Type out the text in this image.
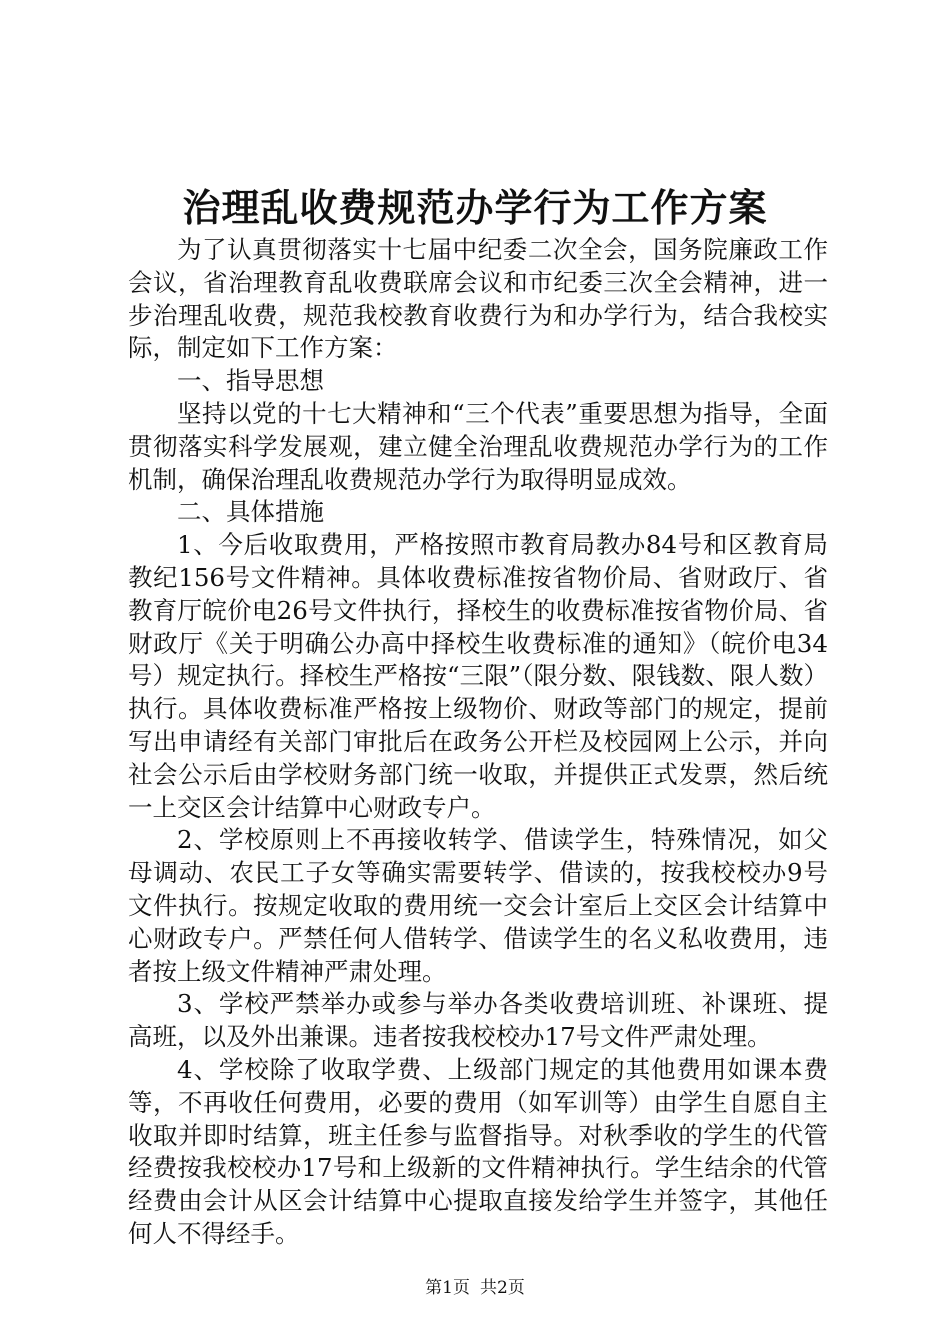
治理乱收费规范办学行为工作方案

为了认真贯彻落实十七届中纪委二次全会，国务院廉政工作会议，省治理教育乱收费联席会议和市纪委三次全会精神，进一步治理乱收费，规范我校教育收费行为和办学行为，结合我校实际，制定如下工作方案：

一、指导思想

坚持以党的十七大精神和“三个代表”重要思想为指导，全面贯彻落实科学发展观，建立健全治理乱收费规范办学行为的工作机制，确保治理乱收费规范办学行为取得明显成效。

二、具体措施

1、今后收取费用，严格按照市教育局教办84号和区教育局教纪156号文件精神。具体收费标准按省物价局、省财政厅、省教育厅皖价电26号文件执行，择校生的收费标准按省物价局、省财政厅《关于明确公办高中择校生收费标准的通知》（皖价电34号）规定执行。择校生严格按“三限”（限分数、限钱数、限人数）执行。具体收费标准严格按上级物价、财政等部门的规定，提前写出申请经有关部门审批后在政务公开栏及校园网上公示，并向社会公示后由学校财务部门统一收取，并提供正式发票，然后统一上交区会计结算中心财政专户。

2、学校原则上不再接收转学、借读学生，特殊情况，如父母调动、农民工子女等确实需要转学、借读的，按我校校办9号文件执行。按规定收取的费用统一交会计室后上交区会计结算中心财政专户。严禁任何人借转学、借读学生的名义私收费用，违者按上级文件精神严肃处理。

3、学校严禁举办或参与举办各类收费培训班、补课班、提高班，以及外出兼课。违者按我校校办17号文件严肃处理。

4、学校除了收取学费、上级部门规定的其他费用如课本费等，不再收任何费用，必要的费用（如军训等）由学生自愿自主收取并即时结算，班主任参与监督指导。对秋季收的学生的代管经费按我校校办17号和上级新的文件精神执行。学生结余的代管经费由会计从区会计结算中心提取直接发给学生并签字，其他任何人不得经手。

第1页 共2页
